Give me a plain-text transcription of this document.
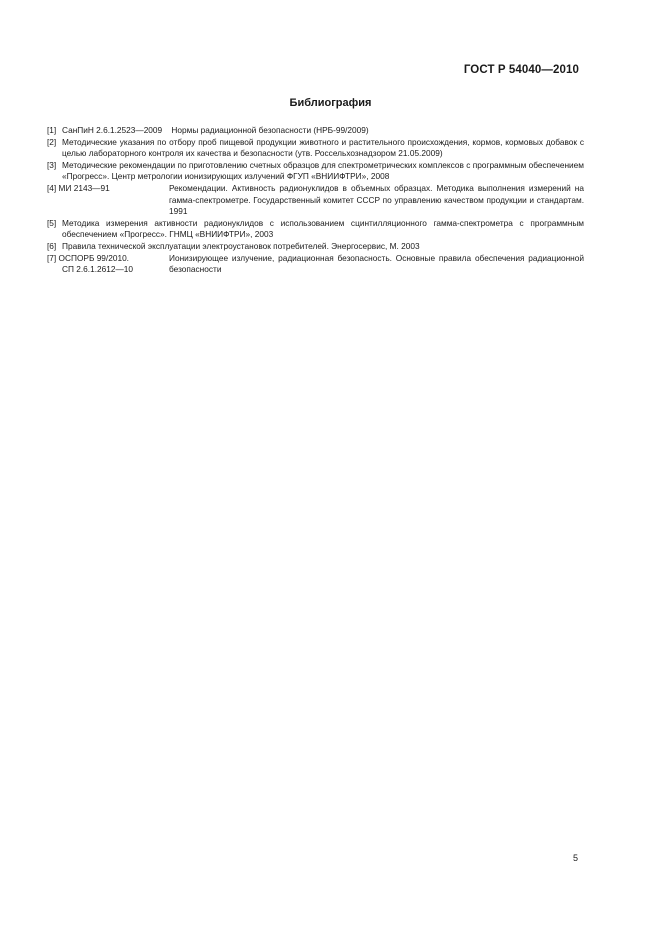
ГОСТ Р 54040—2010
Библиография
[1] СанПиН 2.6.1.2523—2009 Нормы радиационной безопасности (НРБ-99/2009)
[2] Методические указания по отбору проб пищевой продукции животного и растительного происхождения, кормов, кормовых добавок с целью лабораторного контроля их качества и безопасности (утв. Россельхознадзором 21.05.2009)
[3] Методические рекомендации по приготовлению счетных образцов для спектрометрических комплексов с программным обеспечением «Прогресс». Центр метрологии ионизирующих излучений ФГУП «ВНИИФТРИ», 2008
[4] МИ 2143—91	Рекомендации. Активность радионуклидов в объемных образцах. Методика выполнения измерений на гамма-спектрометре. Государственный комитет СССР по управлению качеством продукции и стандартам. 1991
[5] Методика измерения активности радионуклидов с использованием сцинтилляционного гамма-спектрометра с программным обеспечением «Прогресс». ГНМЦ «ВНИИФТРИ», 2003
[6] Правила технической эксплуатации электроустановок потребителей. Энергосервис, М. 2003
[7] ОСПОРБ 99/2010.
СП 2.6.1.2612—10
Ионизирующее излучение, радиационная безопасность. Основные правила обеспечения радиационной безопасности
5
